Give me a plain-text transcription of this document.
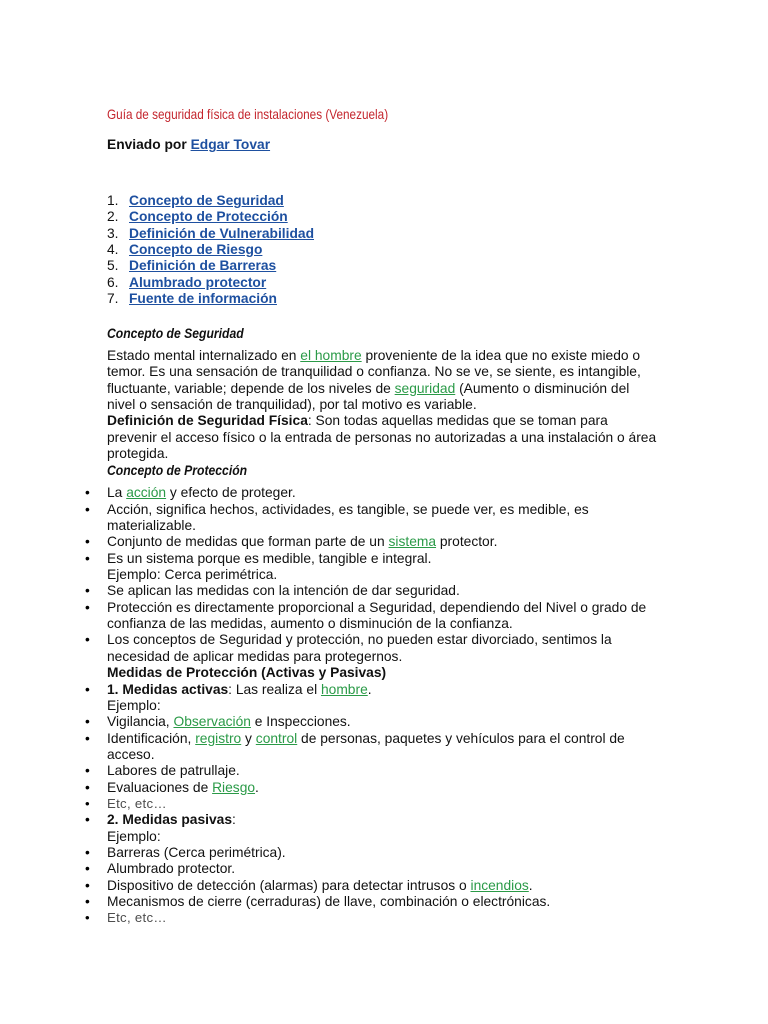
Guía de seguridad física de instalaciones (Venezuela)
Enviado por Edgar Tovar
1. Concepto de Seguridad
2. Concepto de Protección
3. Definición de Vulnerabilidad
4. Concepto de Riesgo
5. Definición de Barreras
6. Alumbrado protector
7. Fuente de información
Concepto de Seguridad

Estado mental internalizado en el hombre proveniente de la idea que no existe miedo o temor. Es una sensación de tranquilidad o confianza. No se ve, se siente, es intangible, fluctuante, variable; depende de los niveles de seguridad (Aumento o disminución del nivel o sensación de tranquilidad), por tal motivo es variable.

Definición de Seguridad Física: Son todas aquellas medidas que se toman para prevenir el acceso físico o la entrada de personas no autorizadas a una instalación o área protegida.

Concepto de Protección
• La acción y efecto de proteger.
• Acción, significa hechos, actividades, es tangible, se puede ver, es medible, es materializable.
• Conjunto de medidas que forman parte de un sistema protector.
• Es un sistema porque es medible, tangible e integral.
Ejemplo: Cerca perimétrica.
• Se aplican las medidas con la intención de dar seguridad.
• Protección es directamente proporcional a Seguridad, dependiendo del Nivel o grado de confianza de las medidas, aumento o disminución de la confianza.
• Los conceptos de Seguridad y protección, no pueden estar divorciado, sentimos la necesidad de aplicar medidas para protegernos.
Medidas de Protección (Activas y Pasivas)
• 1. Medidas activas: Las realiza el hombre.
Ejemplo:
• Vigilancia, Observación e Inspecciones.
• Identificación, registro y control de personas, paquetes y vehículos para el control de acceso.
• Labores de patrullaje.
• Evaluaciones de Riesgo.
• Etc, etc…
• 2. Medidas pasivas:
Ejemplo:
• Barreras (Cerca perimétrica).
• Alumbrado protector.
• Dispositivo de detección (alarmas) para detectar intrusos o incendios.
• Mecanismos de cierre (cerraduras) de llave, combinación o electrónicas.
• Etc, etc…
